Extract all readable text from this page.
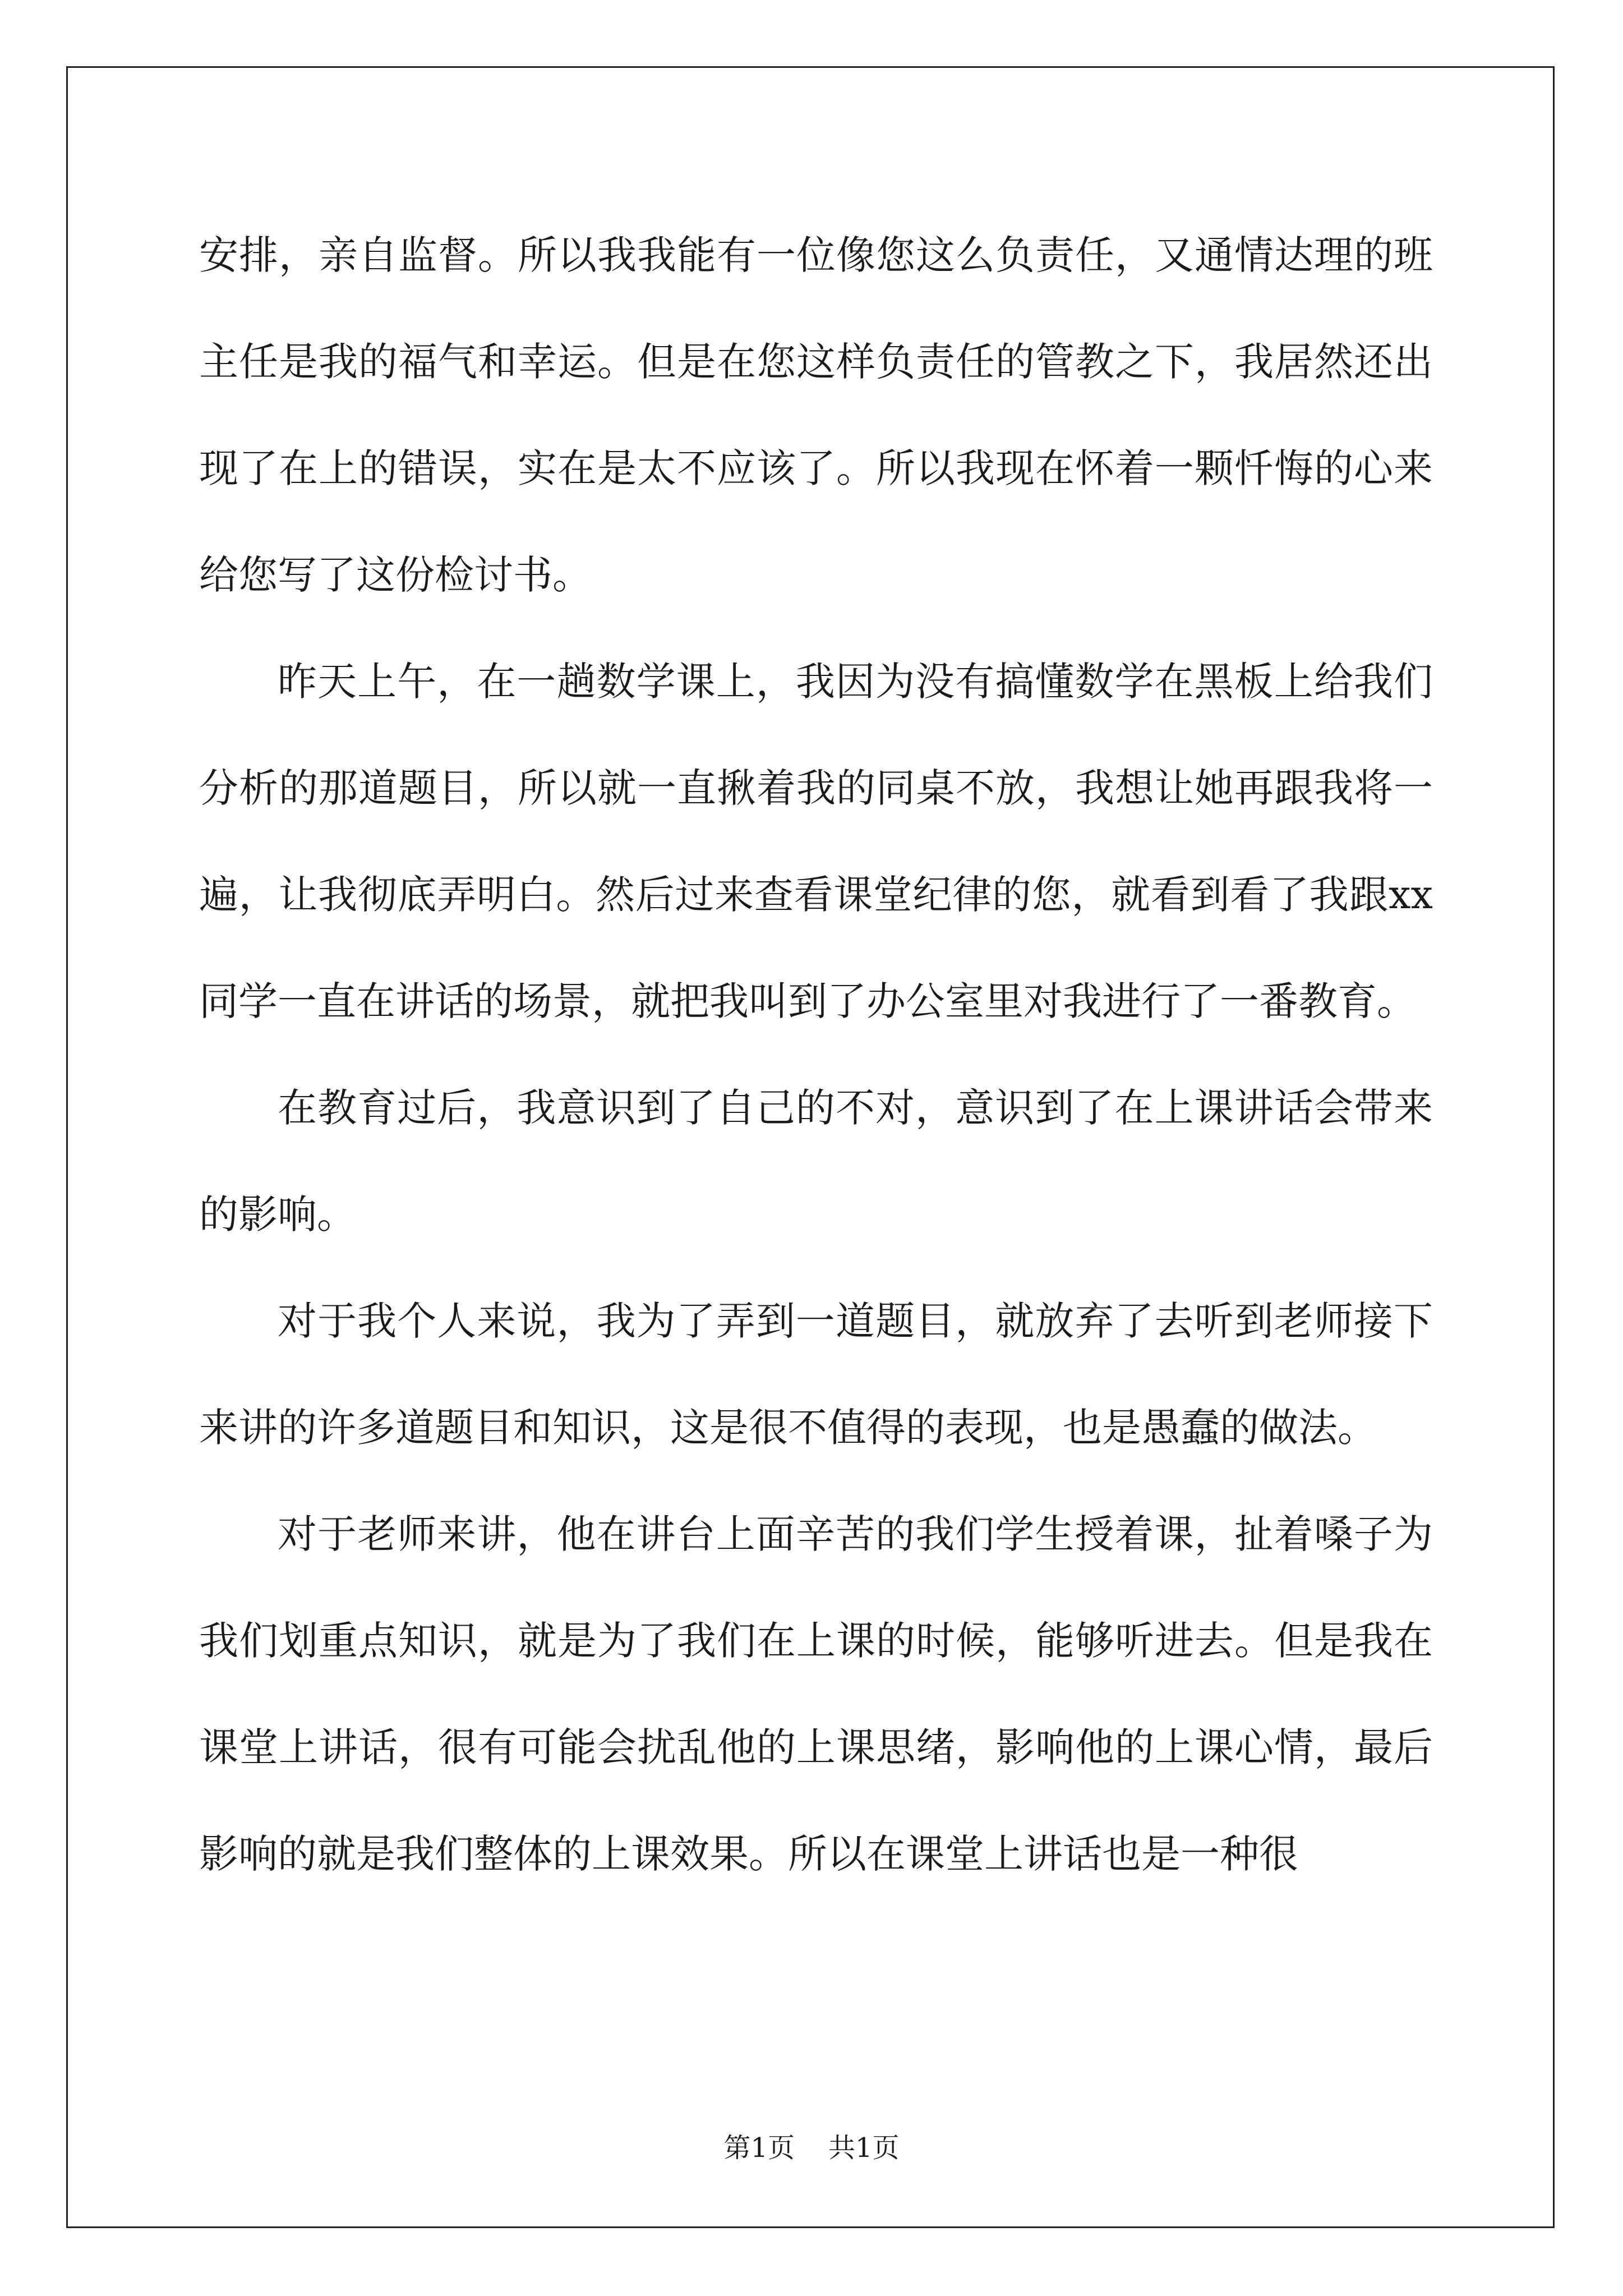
安排，亲自监督。所以我我能有一位像您这么负责任，又通情达理的班主任是我的福气和幸运。但是在您这样负责任的管教之下，我居然还出现了在上的错误，实在是太不应该了。所以我现在怀着一颗忏悔的心来给您写了这份检讨书。

昨天上午，在一趟数学课上，我因为没有搞懂数学在黑板上给我们分析的那道题目，所以就一直揪着我的同桌不放，我想让她再跟我将一遍，让我彻底弄明白。然后过来查看课堂纪律的您，就看到看了我跟xx同学一直在讲话的场景，就把我叫到了办公室里对我进行了一番教育。

在教育过后，我意识到了自己的不对，意识到了在上课讲话会带来的影响。

对于我个人来说，我为了弄到一道题目，就放弃了去听到老师接下来讲的许多道题目和知识，这是很不值得的表现，也是愚蠢的做法。

对于老师来讲，他在讲台上面辛苦的我们学生授着课，扯着嗓子为我们划重点知识，就是为了我们在上课的时候，能够听进去。但是我在课堂上讲话，很有可能会扰乱他的上课思绪，影响他的上课心情，最后影响的就是我们整体的上课效果。所以在课堂上讲话也是一种很

第1页 共1页
